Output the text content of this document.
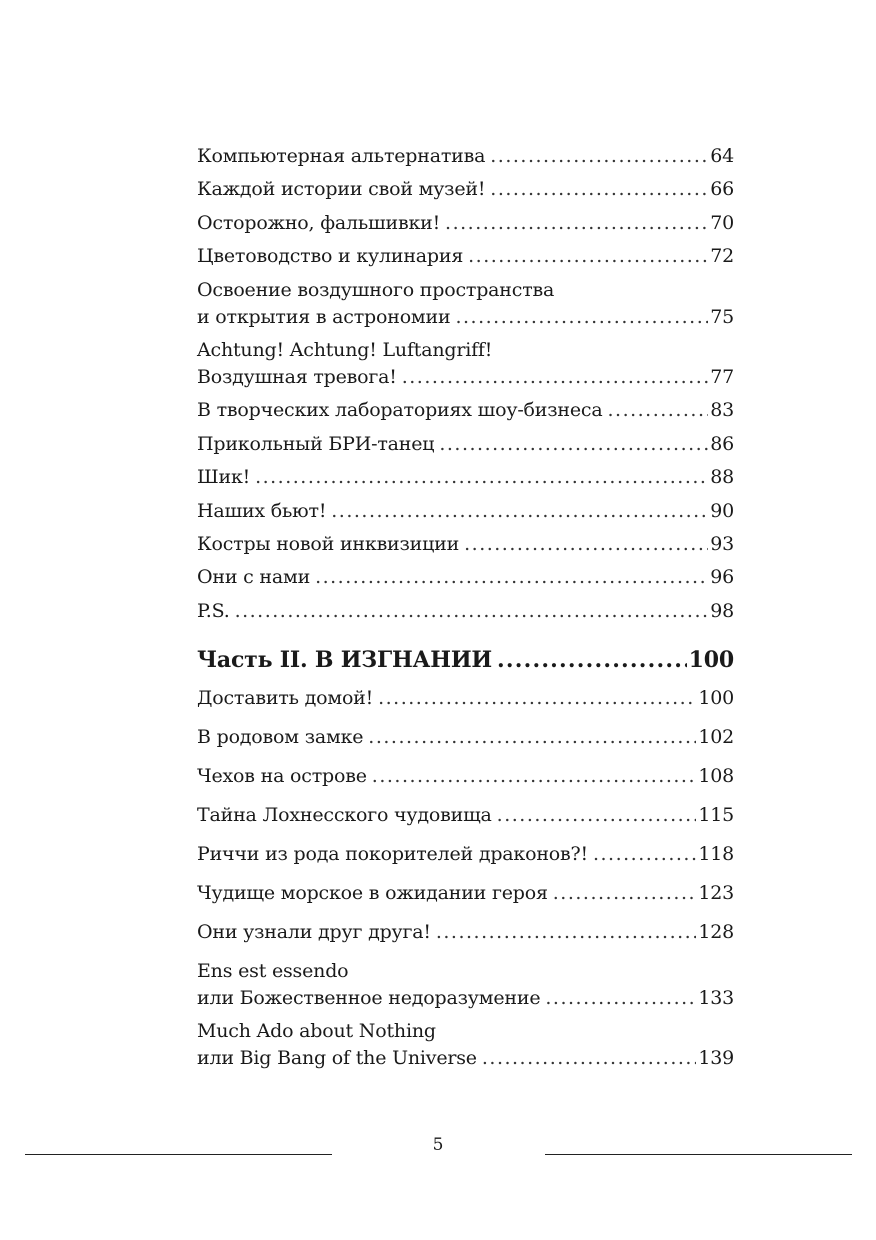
Компьютерная альтернатива .....	64
Каждой истории свой музей! .....	66
Осторожно, фальшивки! .....	70
Цветоводство и кулинария .....	72
Освоение воздушного пространства
и открытия в астрономии .....	75
Achtung! Achtung! Luftangriff!
Воздушная тревога! .....	77
В творческих лабораториях шоу-бизнеса .....	83
Прикольный БРИ-танец .....	86
Шик! .....	88
Наших бьют! .....	90
Костры новой инквизиции .....	93
Они с нами .....	96
P.S. .....	98
Часть II. В ИЗГНАНИИ .....	100
Доставить домой! .....	100
В родовом замке .....	102
Чехов на острове .....	108
Тайна Лохнесского чудовища .....	115
Риччи из рода покорителей драконов?! .....	118
Чудище морское в ожидании героя .....	123
Они узнали друг друга! .....	128
Ens est essendo
или Божественное недоразумение .....	133
Much Ado about Nothing
или Big Bang of the Universe .....	139
5
